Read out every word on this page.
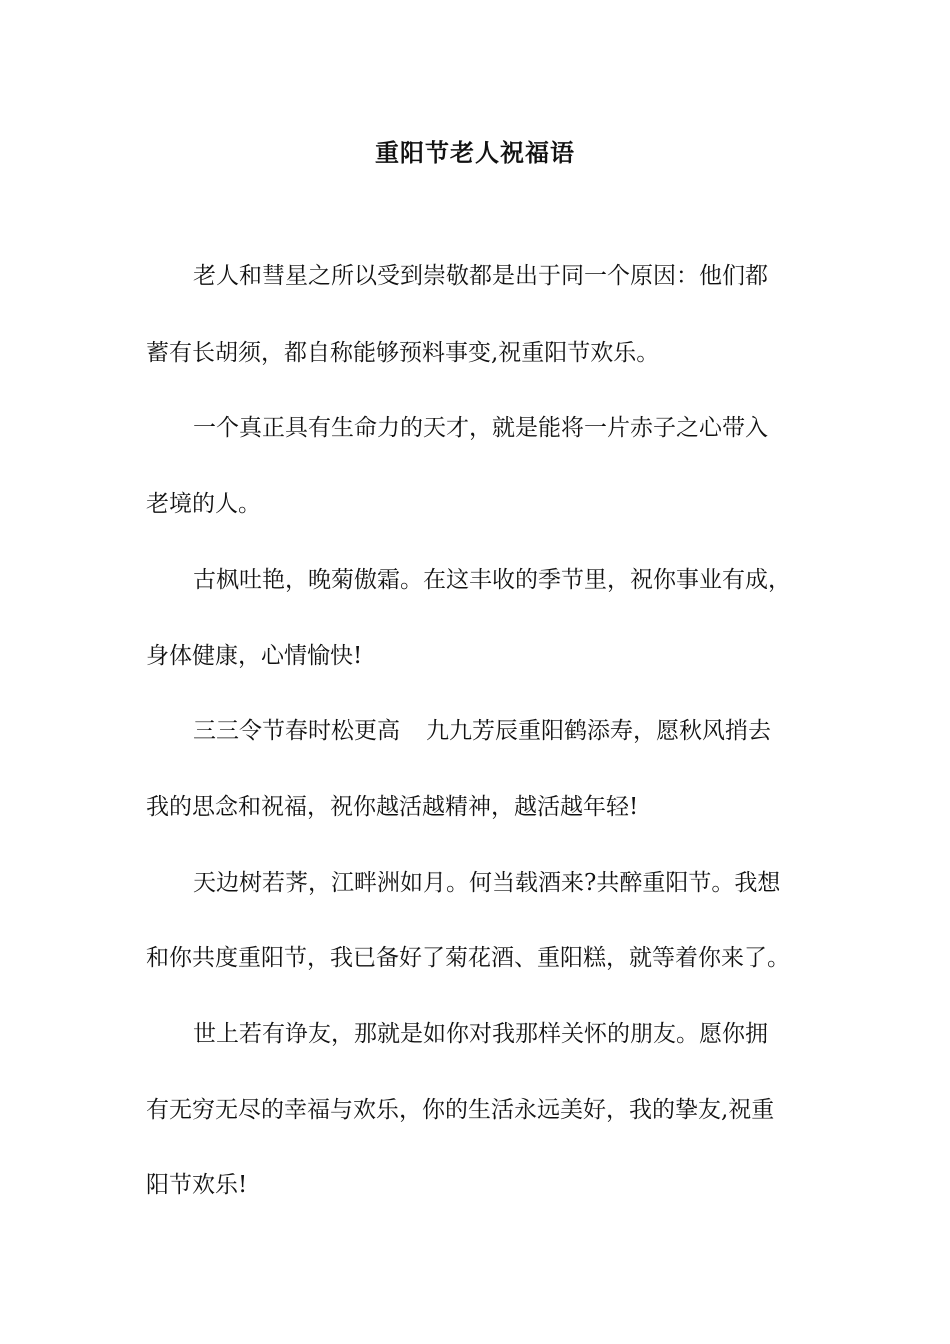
重阳节老人祝福语
老人和彗星之所以受到崇敬都是出于同一个原因：他们都
蓄有长胡须，都自称能够预料事变,祝重阳节欢乐。
一个真正具有生命力的天才，就是能将一片赤子之心带入
老境的人。
古枫吐艳，晚菊傲霜。在这丰收的季节里，祝你事业有成，
身体健康，心情愉快!
三三令节春时松更高 九九芳辰重阳鹤添寿，愿秋风捎去
我的思念和祝福，祝你越活越精神，越活越年轻!
天边树若荠，江畔洲如月。何当载酒来?共醉重阳节。我想
和你共度重阳节，我已备好了菊花酒、重阳糕，就等着你来了。
世上若有诤友，那就是如你对我那样关怀的朋友。愿你拥
有无穷无尽的幸福与欢乐，你的生活永远美好，我的挚友,祝重
阳节欢乐!
